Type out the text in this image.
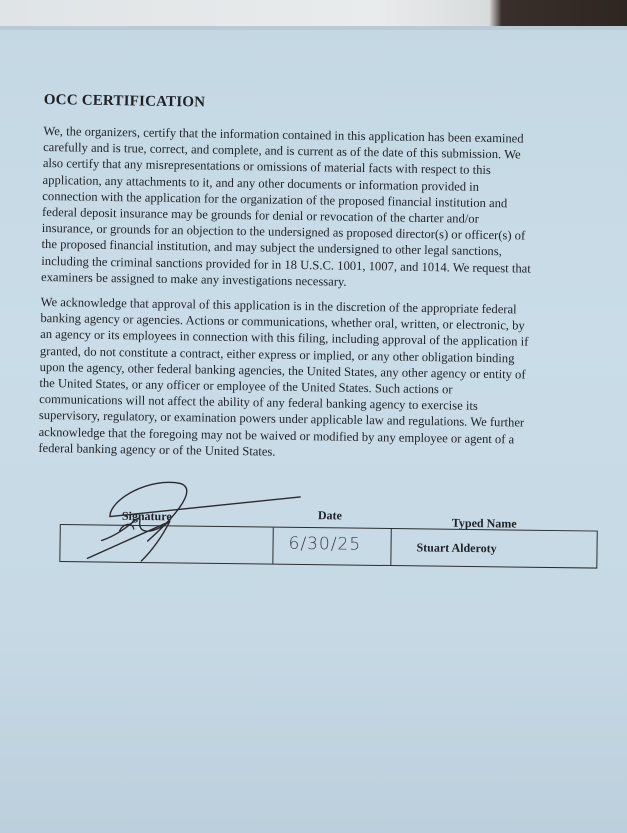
OCC CERTIFICATION

We, the organizers, certify that the information contained in this application has been examined
carefully and is true, correct, and complete, and is current as of the date of this submission. We
also certify that any misrepresentations or omissions of material facts with respect to this
application, any attachments to it, and any other documents or information provided in
connection with the application for the organization of the proposed financial institution and
federal deposit insurance may be grounds for denial or revocation of the charter and/or
insurance, or grounds for an objection to the undersigned as proposed director(s) or officer(s) of
the proposed financial institution, and may subject the undersigned to other legal sanctions,
including the criminal sanctions provided for in 18 U.S.C. 1001, 1007, and 1014. We request that
examiners be assigned to make any investigations necessary.

We acknowledge that approval of this application is in the discretion of the appropriate federal
banking agency or agencies. Actions or communications, whether oral, written, or electronic, by
an agency or its employees in connection with this filing, including approval of the application if
granted, do not constitute a contract, either express or implied, or any other obligation binding
upon the agency, other federal banking agencies, the United States, any other agency or entity of
the United States, or any officer or employee of the United States. Such actions or
communications will not affect the ability of any federal banking agency to exercise its
supervisory, regulatory, or examination powers under applicable law and regulations. We further
acknowledge that the foregoing may not be waived or modified by any employee or agent of a
federal banking agency or of the United States.

Signature	Date
Typed Name
6/30/25	Stuart Alderoty
